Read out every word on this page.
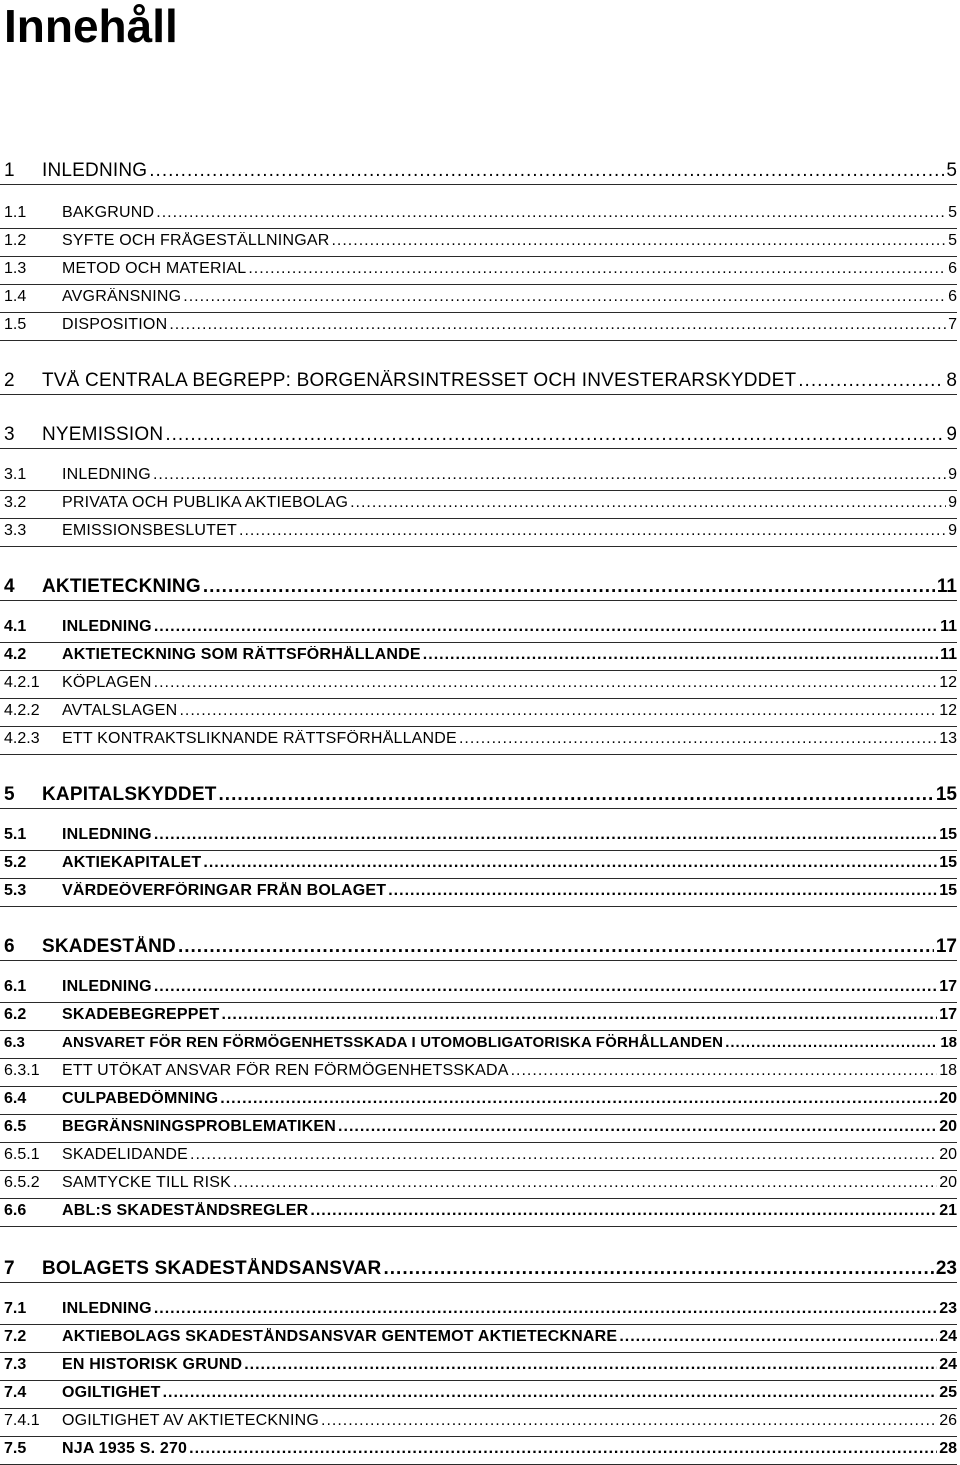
Innehåll
1	INLEDNING .....	5
1.1	BAKGRUND .....	5
1.2	SYFTE OCH FRÅGESTÄLLNINGAR .....	5
1.3	METOD OCH MATERIAL .....	6
1.4	AVGRÄNSNING .....	6
1.5	DISPOSITION .....	7
2	TVÅ CENTRALA BEGREPP: BORGENÄRSINTRESSET OCH INVESTERARSKYDDET .....	8
3	NYEMISSION .....	9
3.1	INLEDNING .....	9
3.2	PRIVATA OCH PUBLIKA AKTIEBOLAG .....	9
3.3	EMISSIONSBESLUTET .....	9
4	AKTIETECKNING .....	11
4.1	INLEDNING .....	11
4.2	AKTIETECKNING SOM RÄTTSFÖRHÅLLANDE .....	11
4.2.1	KÖPLAGEN .....	12
4.2.2	AVTALSLAGEN .....	12
4.2.3	ETT KONTRAKTSLIKNANDE RÄTTSFÖRHÅLLANDE .....	13
5	KAPITALSKYDDET .....	15
5.1	INLEDNING .....	15
5.2	AKTIEKAPITALET .....	15
5.3	VÄRDEÖVERFÖRINGAR FRÅN BOLAGET .....	15
6	SKADESTÅND .....	17
6.1	INLEDNING .....	17
6.2	SKADEBEGREPPET .....	17
6.3	ANSVARET FÖR REN FÖRMÖGENHETSSKADA I UTOMOBLIGATORISKA FÖRHÅLLANDEN .....	18
6.3.1	ETT UTÖKAT ANSVAR FÖR REN FÖRMÖGENHETSSKADA .....	18
6.4	CULPABEDÖMNING .....	20
6.5	BEGRÄNSNINGSPROBLEMATIKEN .....	20
6.5.1	SKADELIDANDE .....	20
6.5.2	SAMTYCKE TILL RISK .....	20
6.6	ABL:S SKADESTÅNDSREGLER .....	21
7	BOLAGETS SKADESTÅNDSANSVAR .....	23
7.1	INLEDNING .....	23
7.2	AKTIEBOLAGS SKADESTÅNDSANSVAR GENTEMOT AKTIETECKNARE .....	24
7.3	EN HISTORISK GRUND .....	24
7.4	OGILTIGHET .....	25
7.4.1	OGILTIGHET AV AKTIETECKNING .....	26
7.5	NJA 1935 S. 270 .....	28
